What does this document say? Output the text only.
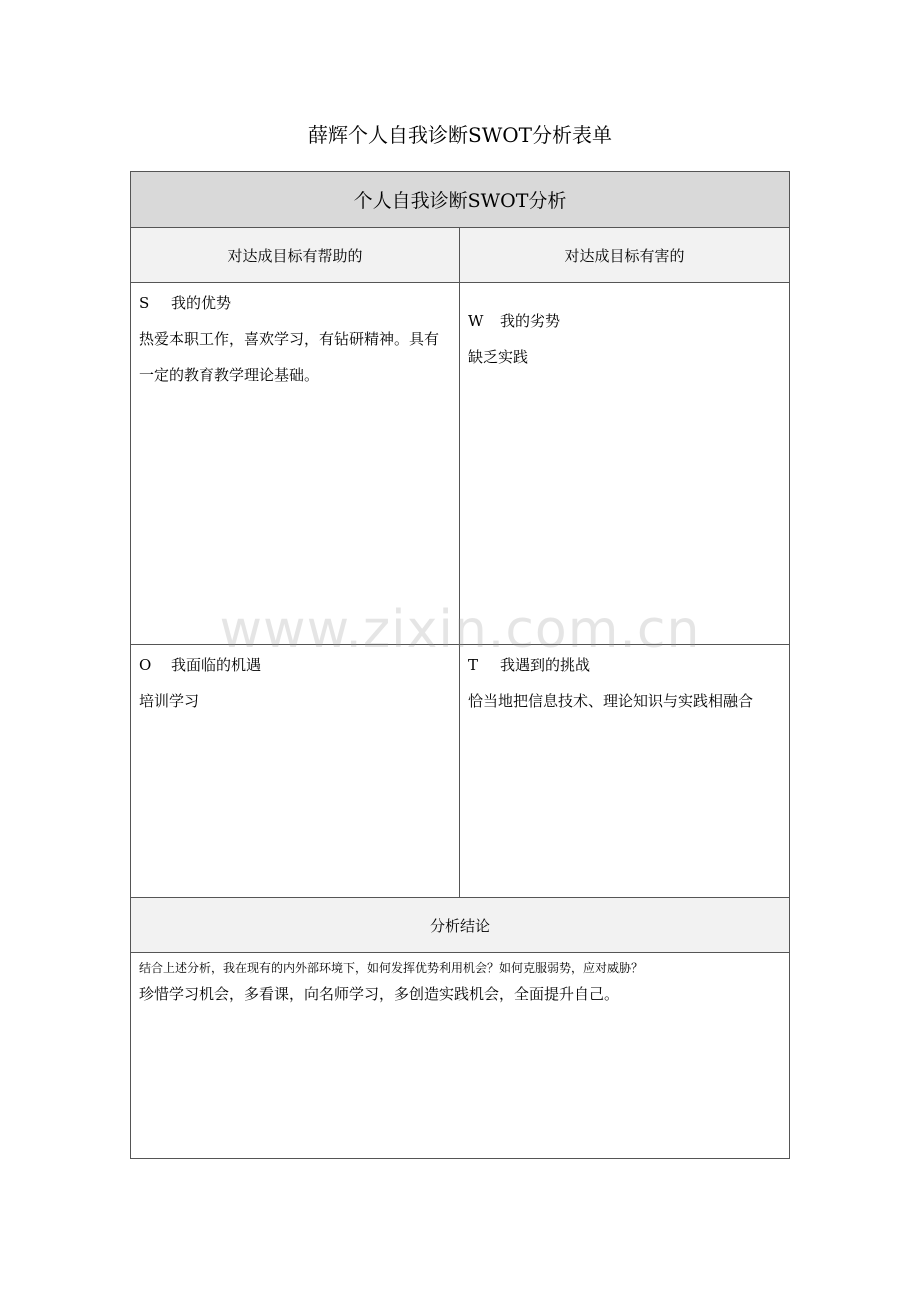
薛辉个人自我诊断SWOT分析表单
个人自我诊断SWOT分析
对达成目标有帮助的	对达成目标有害的
S 我的优势
热爱本职工作，喜欢学习，有钻研精神。具有一定的教育教学理论基础。
W 我的劣势
缺乏实践
O 我面临的机遇
培训学习
T 我遇到的挑战
恰当地把信息技术、理论知识与实践相融合
分析结论
结合上述分析，我在现有的内外部环境下，如何发挥优势利用机会？如何克服弱势，应对威胁？
珍惜学习机会，多看课，向名师学习，多创造实践机会，全面提升自己。
www.zixin.com.cn
